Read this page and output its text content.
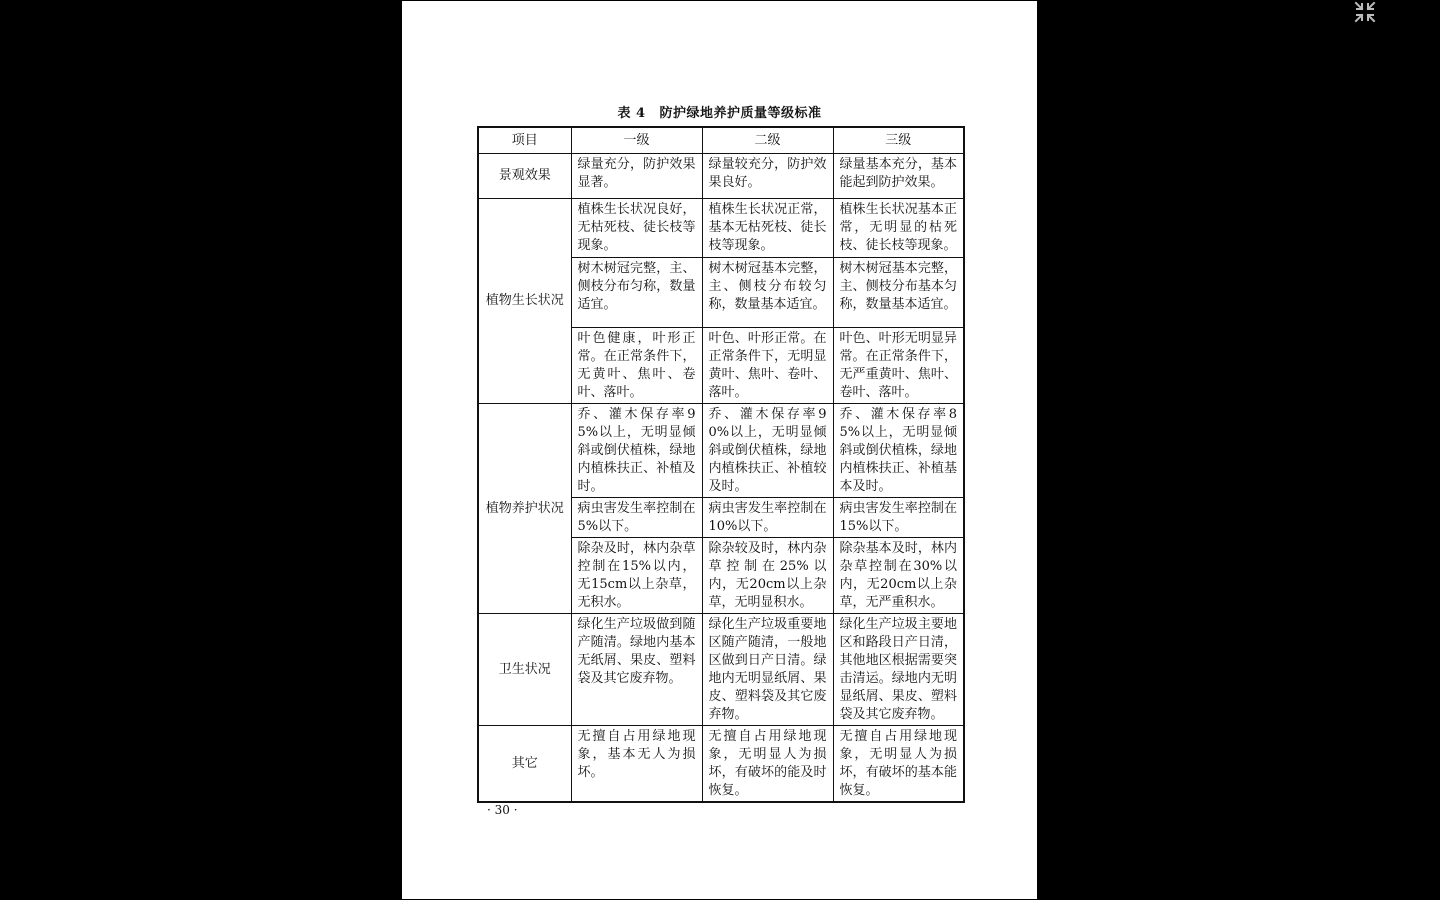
表 4 防护绿地养护质量等级标准
项目	一级	二级	三级
景观效果	绿量充分，防护效果显著。	绿量较充分，防护效果良好。	绿量基本充分，基本能起到防护效果。
植物生长状况	植株生长状况良好，无枯死枝、徒长枝等现象。	植株生长状况正常，基本无枯死枝、徒长枝等现象。	植株生长状况基本正常，无明显的枯死枝、徒长枝等现象。
	树木树冠完整，主、侧枝分布匀称，数量适宜。	树木树冠基本完整，主、侧枝分布较匀称，数量基本适宜。	树木树冠基本完整，主、侧枝分布基本匀称，数量基本适宜。
	叶色健康，叶形正常。在正常条件下，无黄叶、焦叶、卷叶、落叶。	叶色、叶形正常。在正常条件下，无明显黄叶、焦叶、卷叶、落叶。	叶色、叶形无明显异常。在正常条件下，无严重黄叶、焦叶、卷叶、落叶。
植物养护状况	乔、灌木保存率95%以上，无明显倾斜或倒伏植株，绿地内植株扶正、补植及时。	乔、灌木保存率90%以上，无明显倾斜或倒伏植株，绿地内植株扶正、补植较及时。	乔、灌木保存率85%以上，无明显倾斜或倒伏植株，绿地内植株扶正、补植基本及时。
	病虫害发生率控制在5%以下。	病虫害发生率控制在10%以下。	病虫害发生率控制在15%以下。
	除杂及时，林内杂草控制在15%以内，无15cm以上杂草，无积水。	除杂较及时，林内杂草控制在25%以内，无20cm以上杂草，无明显积水。	除杂基本及时，林内杂草控制在30%以内，无20cm以上杂草，无严重积水。
卫生状况	绿化生产垃圾做到随产随清。绿地内基本无纸屑、果皮、塑料袋及其它废弃物。	绿化生产垃圾重要地区随产随清，一般地区做到日产日清。绿地内无明显纸屑、果皮、塑料袋及其它废弃物。	绿化生产垃圾主要地区和路段日产日清，其他地区根据需要突击清运。绿地内无明显纸屑、果皮、塑料袋及其它废弃物。
其它	无擅自占用绿地现象，基本无人为损坏。	无擅自占用绿地现象，无明显人为损坏，有破坏的能及时恢复。	无擅自占用绿地现象，无明显人为损坏，有破坏的基本能恢复。
· 30 ·
